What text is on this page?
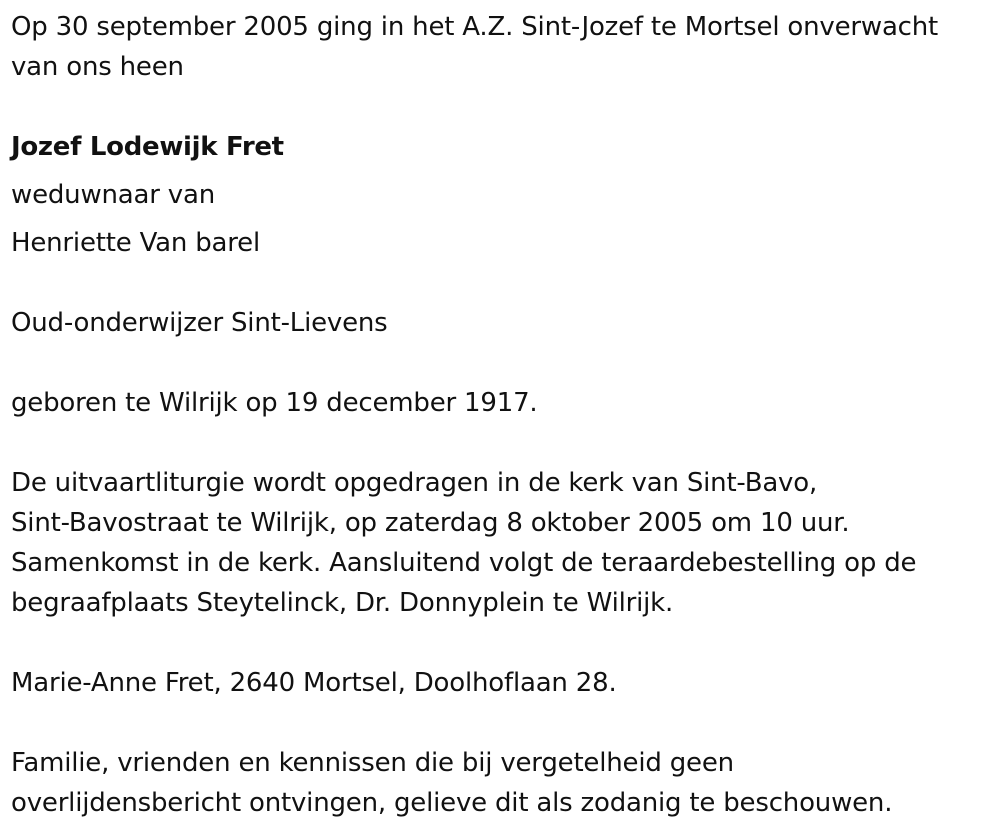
Op 30 september 2005 ging in het A.Z. Sint-Jozef te Mortsel onverwacht
van ons heen

Jozef Lodewijk Fret

weduwnaar van

Henriette Van barel

Oud-onderwijzer Sint-Lievens

geboren te Wilrijk op 19 december 1917.

De uitvaartliturgie wordt opgedragen in de kerk van Sint-Bavo,
Sint-Bavostraat te Wilrijk, op zaterdag 8 oktober 2005 om 10 uur.
Samenkomst in de kerk. Aansluitend volgt de teraardebestelling op de
begraafplaats Steytelinck, Dr. Donnyplein te Wilrijk.

Marie-Anne Fret, 2640 Mortsel, Doolhoflaan 28.

Familie, vrienden en kennissen die bij vergetelheid geen
overlijdensbericht ontvingen, gelieve dit als zodanig te beschouwen.
